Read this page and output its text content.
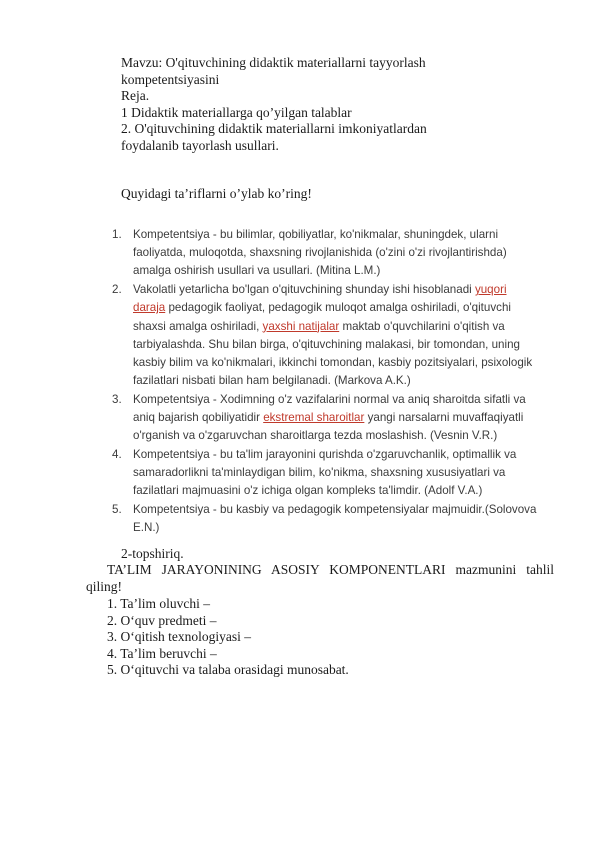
Mavzu: O'qituvchining didaktik materiallarni tayyorlash
kompetentsiyasini
Reja.
1 Didaktik materiallarga qo’yilgan talablar
2. O'qituvchining didaktik materiallarni imkoniyatlardan
foydalanib tayorlash usullari.
Quyidagi ta’riflarni o’ylab ko’ring!
1. Kompetentsiya - bu bilimlar, qobiliyatlar, ko'nikmalar, shuningdek, ularni
faoliyatda, muloqotda, shaxsning rivojlanishida (o'zini o'zi rivojlantirishda)
amalga oshirish usullari va usullari. (Mitina L.M.)
2. Vakolatli yetarlicha bo'lgan o'qituvchining shunday ishi hisoblanadi yuqori
daraja pedagogik faoliyat, pedagogik muloqot amalga oshiriladi, o'qituvchi
shaxsi amalga oshiriladi, yaxshi natijalar maktab o'quvchilarini o'qitish va
tarbiyalashda. Shu bilan birga, o'qituvchining malakasi, bir tomondan, uning
kasbiy bilim va ko'nikmalari, ikkinchi tomondan, kasbiy pozitsiyalari, psixologik
fazilatlari nisbati bilan ham belgilanadi. (Markova A.K.)
3. Kompetentsiya - Xodimning o'z vazifalarini normal va aniq sharoitda sifatli va
aniq bajarish qobiliyatidir ekstremal sharoitlar yangi narsalarni muvaffaqiyatli
o'rganish va o'zgaruvchan sharoitlarga tezda moslashish. (Vesnin V.R.)
4. Kompetentsiya - bu ta'lim jarayonini qurishda o'zgaruvchanlik, optimallik va
samaradorlikni ta'minlaydigan bilim, ko'nikma, shaxsning xususiyatlari va
fazilatlari majmuasini o'z ichiga olgan kompleks ta'limdir. (Adolf V.A.)
5. Kompetentsiya - bu kasbiy va pedagogik kompetensiyalar majmuidir.(Solovova
E.N.)
2-topshiriq.
TA’LIM JARAYONINING ASOSIY KOMPONENTLARI mazmunini tahlil
qiling!
1. Ta’lim oluvchi –
2. O‘quv predmeti –
3. O‘qitish texnologiyasi –
4. Ta’lim beruvchi –
5. O‘qituvchi va talaba orasidagi munosabat.
